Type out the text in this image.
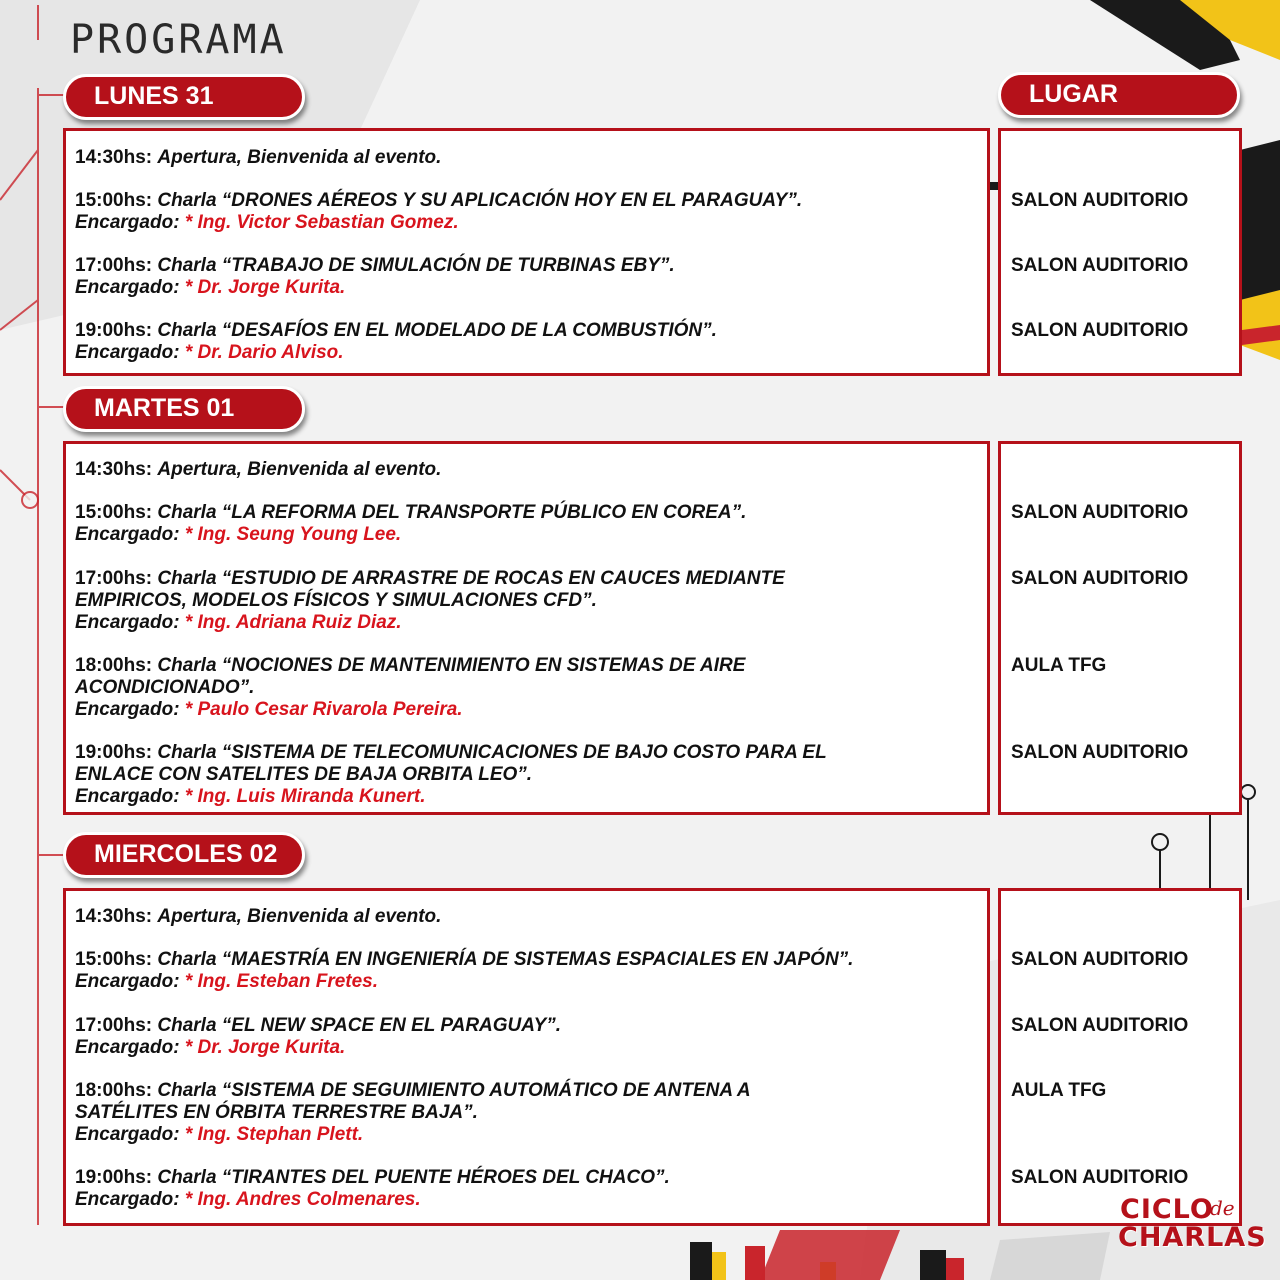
PROGRAMA
LUNES 31	LUGAR
14:30hs: Apertura, Bienvenida al evento.
15:00hs: Charla “DRONES AÉREOS Y SU APLICACIÓN HOY EN EL PARAGUAY”.
Encargado: * Ing. Victor Sebastian Gomez.
17:00hs: Charla “TRABAJO DE SIMULACIÓN DE TURBINAS EBY”.
Encargado: * Dr. Jorge Kurita.
19:00hs: Charla “DESAFÍOS EN EL MODELADO DE LA COMBUSTIÓN”.
Encargado: * Dr. Dario Alviso.
SALON AUDITORIO
SALON AUDITORIO
SALON AUDITORIO
MARTES 01
14:30hs: Apertura, Bienvenida al evento.
15:00hs: Charla “LA REFORMA DEL TRANSPORTE PÚBLICO EN COREA”.
Encargado: * Ing. Seung Young Lee.
17:00hs: Charla “ESTUDIO DE ARRASTRE DE ROCAS EN CAUCES MEDIANTE
EMPIRICOS, MODELOS FÍSICOS Y SIMULACIONES CFD”.
Encargado: * Ing. Adriana Ruiz Diaz.
18:00hs: Charla “NOCIONES DE MANTENIMIENTO EN SISTEMAS DE AIRE
ACONDICIONADO”.
Encargado: * Paulo Cesar Rivarola Pereira.
19:00hs: Charla “SISTEMA DE TELECOMUNICACIONES DE BAJO COSTO PARA EL
ENLACE CON SATELITES DE BAJA ORBITA LEO”.
Encargado: * Ing. Luis Miranda Kunert.
SALON AUDITORIO
SALON AUDITORIO
AULA TFG
SALON AUDITORIO
MIERCOLES 02
14:30hs: Apertura, Bienvenida al evento.
15:00hs: Charla “MAESTRÍA EN INGENIERÍA DE SISTEMAS ESPACIALES EN JAPÓN”.
Encargado: * Ing. Esteban Fretes.
17:00hs: Charla “EL NEW SPACE EN EL PARAGUAY”.
Encargado: * Dr. Jorge Kurita.
18:00hs: Charla “SISTEMA DE SEGUIMIENTO AUTOMÁTICO DE ANTENA A
SATÉLITES EN ÓRBITA TERRESTRE BAJA”.
Encargado: * Ing. Stephan Plett.
19:00hs: Charla “TIRANTES DEL PUENTE HÉROES DEL CHACO”.
Encargado: * Ing. Andres Colmenares.
SALON AUDITORIO
SALON AUDITORIO
AULA TFG
SALON AUDITORIO
CICLO
de
CHARLAS
